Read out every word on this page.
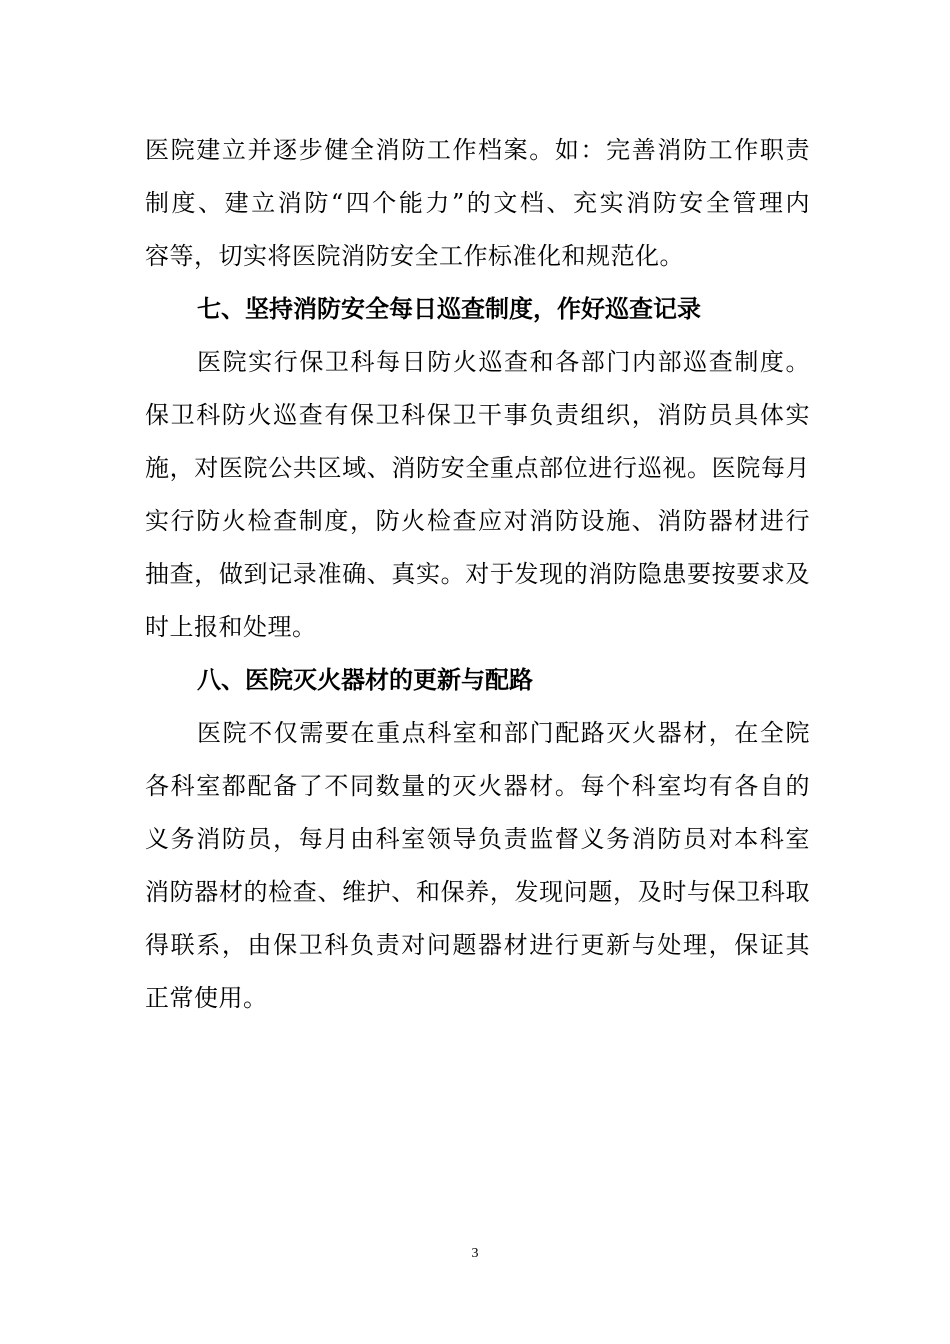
医院建立并逐步健全消防工作档案。如：完善消防工作职责
制度、建立消防“四个能力”的文档、充实消防安全管理内
容等，切实将医院消防安全工作标准化和规范化。
七、坚持消防安全每日巡查制度，作好巡查记录
医院实行保卫科每日防火巡查和各部门内部巡查制度。
保卫科防火巡查有保卫科保卫干事负责组织，消防员具体实
施，对医院公共区域、消防安全重点部位进行巡视。医院每月
实行防火检查制度，防火检查应对消防设施、消防器材进行
抽查，做到记录准确、真实。对于发现的消防隐患要按要求及
时上报和处理。
八、医院灭火器材的更新与配路
医院不仅需要在重点科室和部门配路灭火器材，在全院
各科室都配备了不同数量的灭火器材。每个科室均有各自的
义务消防员，每月由科室领导负责监督义务消防员对本科室
消防器材的检查、维护、和保养，发现问题，及时与保卫科取
得联系，由保卫科负责对问题器材进行更新与处理，保证其
正常使用。
3
